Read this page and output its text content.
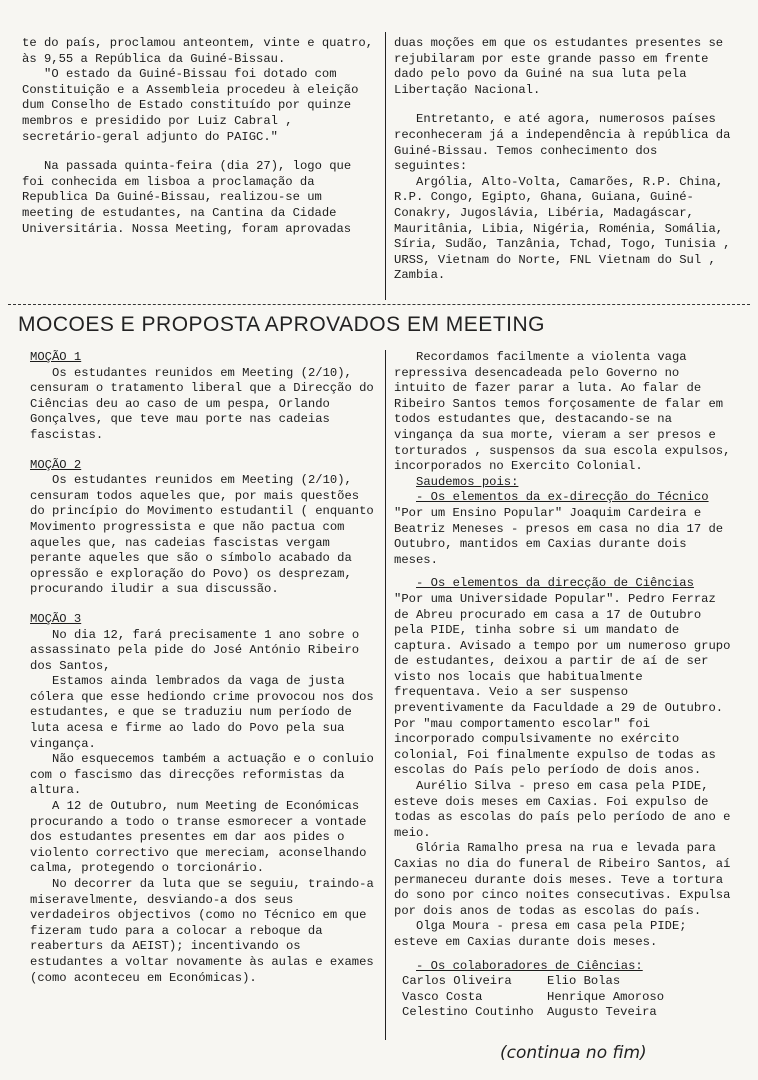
te do país, proclamou anteontem, vinte e quatro, às 9,55 a República da Guiné-Bissau.

"O estado da Guiné-Bissau foi dotado com Constituição e a Assembleia procedeu à eleição dum Conselho de Estado constituído por quinze membros e presidido por Luiz Cabral , secretário-geral adjunto do PAIGC."

Na passada quinta-feira (dia 27), logo que foi conhecida em lisboa a proclamação da Republica Da Guiné-Bissau, realizou-se um meeting de estudantes, na Cantina da Cidade Universitária. Nossa Meeting, foram aprovadas

duas moções em que os estudantes presentes se rejubilaram por este grande passo em frente dado pelo povo da Guiné na sua luta pela Libertação Nacional.

Entretanto, e até agora, numerosos países reconheceram já a independência à república da Guiné-Bissau. Temos conhecimento dos seguintes:

Argólia, Alto-Volta, Camarões, R.P. China, R.P. Congo, Egipto, Ghana, Guiana, Guiné-Conakry, Jugoslávia, Libéria, Madagáscar, Mauritânia, Libia, Nigéria, Roménia, Somália, Síria, Sudão, Tanzânia, Tchad, Togo, Tunisia , URSS, Vietnam do Norte, FNL Vietnam do Sul , Zambia.

MOCOES E PROPOSTA APROVADOS EM MEETING

MOÇÃO 1

Os estudantes reunidos em Meeting (2/10), censuram o tratamento liberal que a Direcção do Ciências deu ao caso de um pespa, Orlando Gonçalves, que teve mau porte nas cadeias fascistas.

MOÇÃO 2

Os estudantes reunidos em Meeting (2/10), censuram todos aqueles que, por mais questões do princípio do Movimento estudantil ( enquanto Movimento progressista e que não pactua com aqueles que, nas cadeias fascistas vergam perante aqueles que são o símbolo acabado da opressão e exploração do Povo) os desprezam, procurando iludir a sua discussão.

MOÇÃO 3

No dia 12, fará precisamente 1 ano sobre o assassinato pela pide do José António Ribeiro dos Santos,

Estamos ainda lembrados da vaga de justa cólera que esse hediondo crime provocou nos dos estudantes, e que se traduziu num período de luta acesa e firme ao lado do Povo pela sua vingança.

Não esquecemos também a actuação e o conluio com o fascismo das direcções reformistas da altura.

A 12 de Outubro, num Meeting de Económicas procurando a todo o transe esmorecer a vontade dos estudantes presentes em dar aos pides o violento correctivo que mereciam, aconselhando calma, protegendo o torcionário.

No decorrer da luta que se seguiu, traindo-a miseravelmente, desviando-a dos seus verdadeiros objectivos (como no Técnico em que fizeram tudo para a colocar a reboque da reaberturs da AEIST); incentivando os estudantes a voltar novamente às aulas e exames (como aconteceu em Económicas).

Recordamos facilmente a violenta vaga repressiva desencadeada pelo Governo no intuito de fazer parar a luta. Ao falar de Ribeiro Santos temos forçosamente de falar em todos estudantes que, destacando-se na vingança da sua morte, vieram a ser presos e torturados , suspensos da sua escola expulsos, incorporados no Exercito Colonial.

Saudemos pois:

- Os elementos da ex-direcção do Técnico

"Por um Ensino Popular" Joaquim Cardeira e Beatriz Meneses - presos em casa no dia 17 de Outubro, mantidos em Caxias durante dois meses.

- Os elementos da direcção de Ciências

"Por uma Universidade Popular". Pedro Ferraz de Abreu procurado em casa a 17 de Outubro pela PIDE, tinha sobre si um mandato de captura. Avisado a tempo por um numeroso grupo de estudantes, deixou a partir de aí de ser visto nos locais que habitualmente frequentava. Veio a ser suspenso preventivamente da Faculdade a 29 de Outubro. Por "mau comportamento escolar" foi incorporado compulsivamente no exército colonial, Foi finalmente expulso de todas as escolas do País pelo período de dois anos.

Aurélio Silva - preso em casa pela PIDE, esteve dois meses em Caxias. Foi expulso de todas as escolas do país pelo período de ano e meio.

Glória Ramalho presa na rua e levada para Caxias no dia do funeral de Ribeiro Santos, aí permaneceu durante dois meses. Teve a tortura do sono por cinco noites consecutivas. Expulsa por dois anos de todas as escolas do país.

Olga Moura - presa em casa pela PIDE; esteve em Caxias durante dois meses.

- Os colaboradores de Ciências:

Carlos Oliveira	Elio Bolas
Vasco Costa	Henrique Amoroso
Celestino Coutinho	Augusto Teveira
(continua no fim)
